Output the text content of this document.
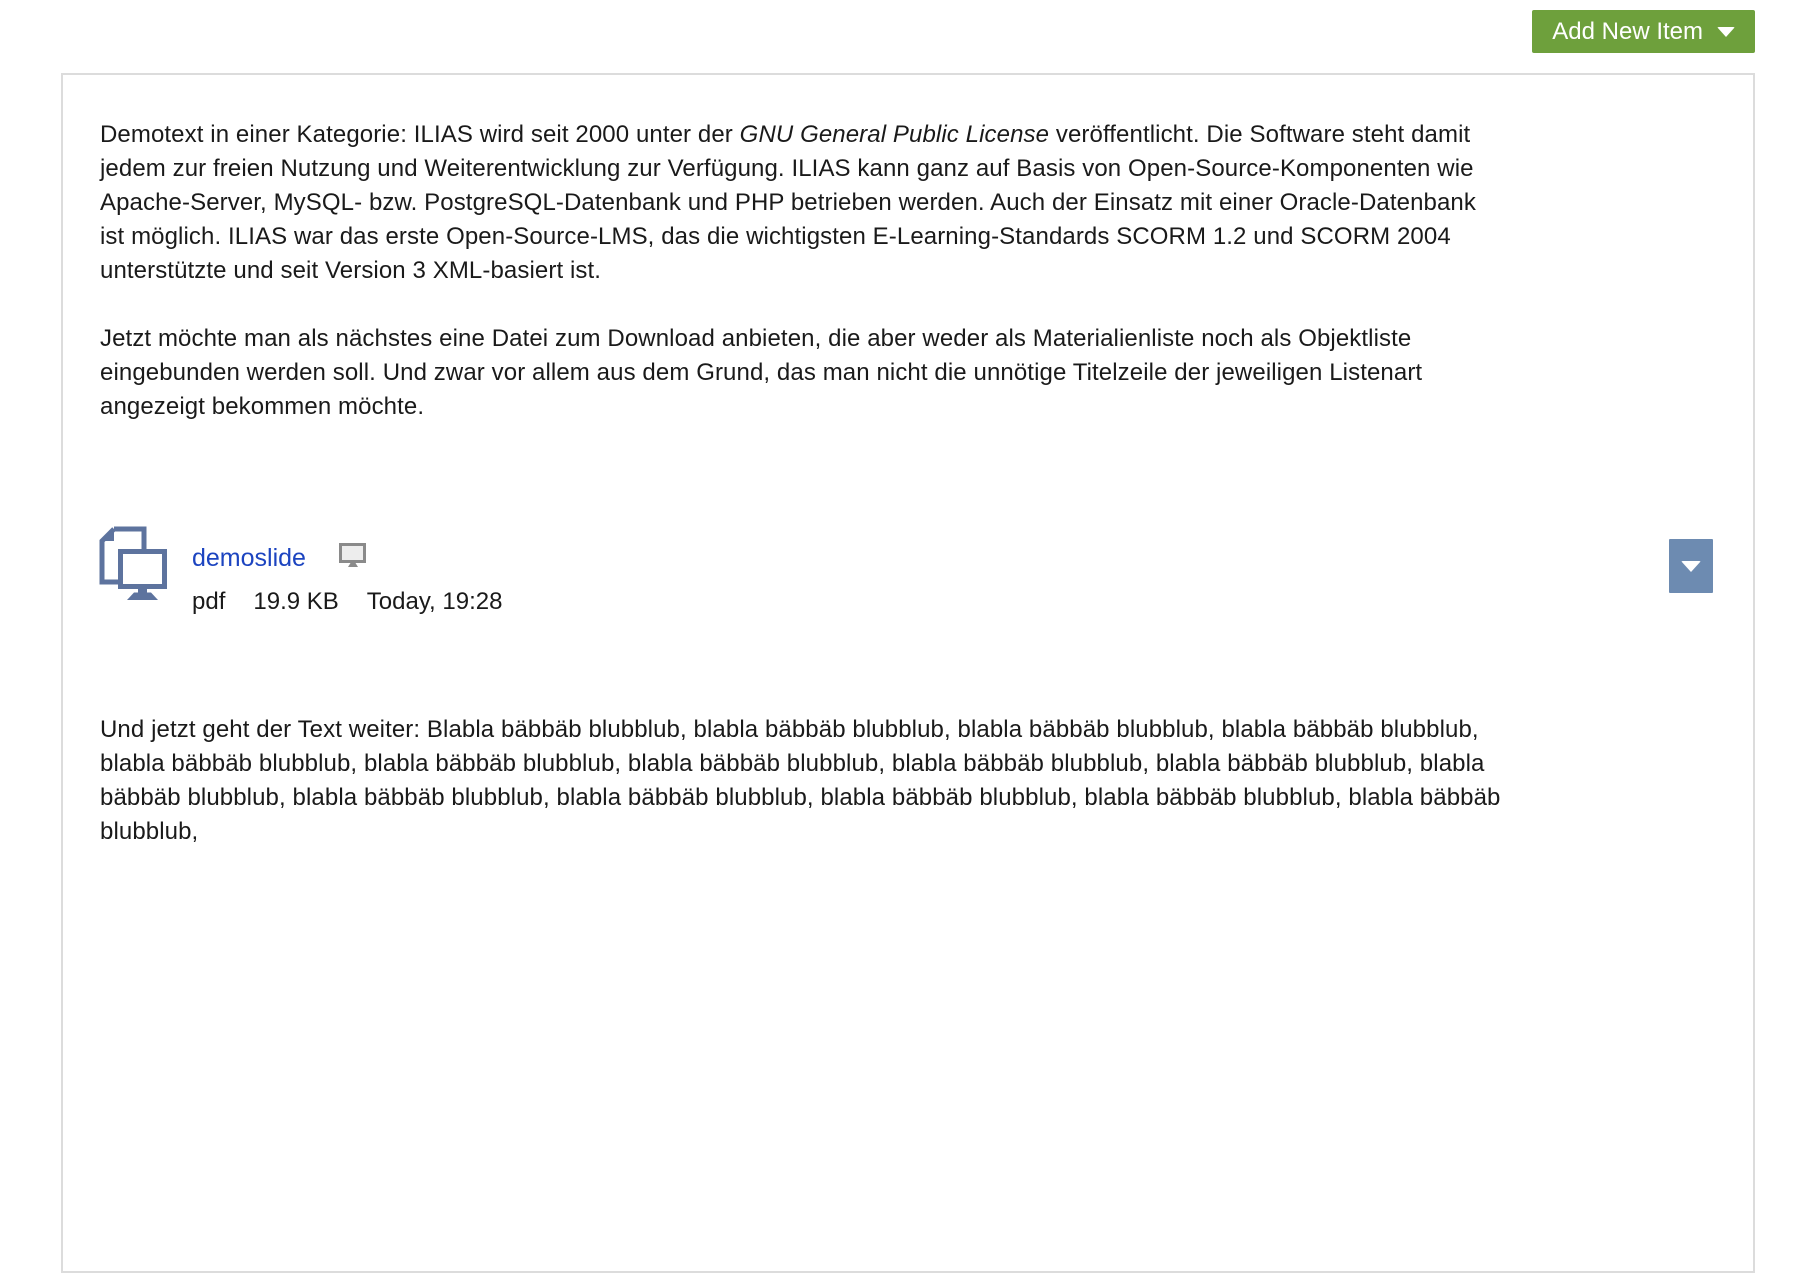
Add New Item

Demotext in einer Kategorie: ILIAS wird seit 2000 unter der GNU General Public License veröffentlicht. Die Software steht damit jedem zur freien Nutzung und Weiterentwicklung zur Verfügung. ILIAS kann ganz auf Basis von Open-Source-Komponenten wie Apache-Server, MySQL- bzw. PostgreSQL-Datenbank und PHP betrieben werden. Auch der Einsatz mit einer Oracle-Datenbank ist möglich. ILIAS war das erste Open-Source-LMS, das die wichtigsten E-Learning-Standards SCORM 1.2 und SCORM 2004 unterstützte und seit Version 3 XML-basiert ist.

Jetzt möchte man als nächstes eine Datei zum Download anbieten, die aber weder als Materialienliste noch als Objektliste eingebunden werden soll. Und zwar vor allem aus dem Grund, das man nicht die unnötige Titelzeile der jeweiligen Listenart angezeigt bekommen möchte.

demoslide
pdf 19.9 KB Today, 19:28

Und jetzt geht der Text weiter: Blabla bäbbäb blubblub, blabla bäbbäb blubblub, blabla bäbbäb blubblub, blabla bäbbäb blubblub, blabla bäbbäb blubblub, blabla bäbbäb blubblub, blabla bäbbäb blubblub, blabla bäbbäb blubblub, blabla bäbbäb blubblub, blabla bäbbäb blubblub, blabla bäbbäb blubblub, blabla bäbbäb blubblub, blabla bäbbäb blubblub, blabla bäbbäb blubblub, blabla bäbbäb blubblub,
